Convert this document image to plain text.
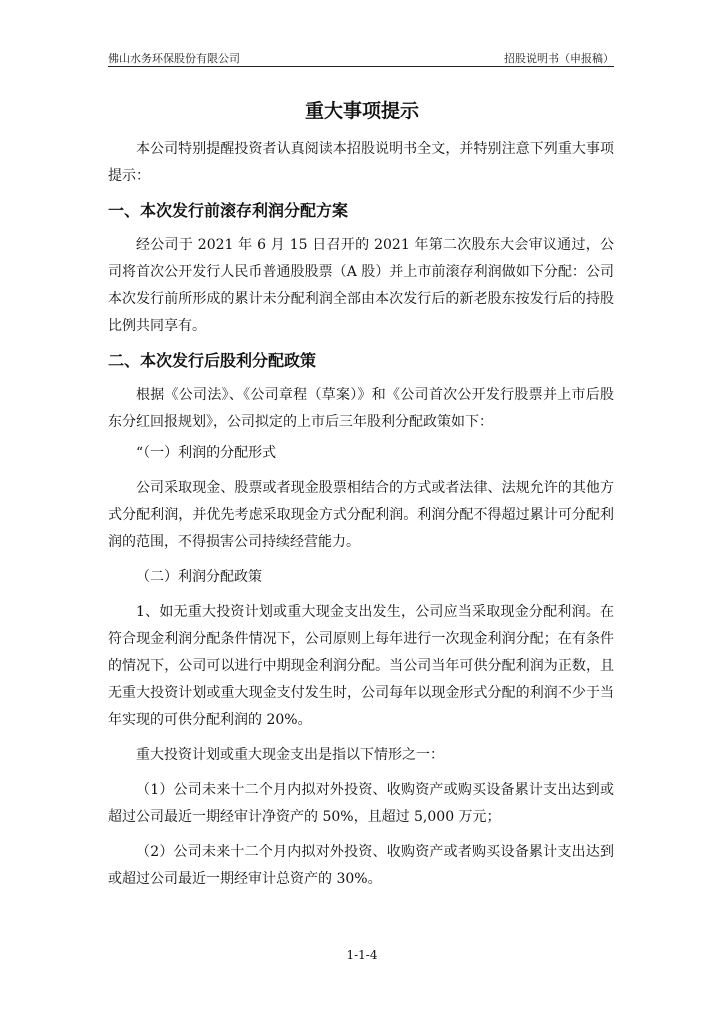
佛山水务环保股份有限公司	招股说明书（申报稿）
重大事项提示

本公司特别提醒投资者认真阅读本招股说明书全文，并特别注意下列重大事项提示：

一、本次发行前滚存利润分配方案

经公司于 2021 年 6 月 15 日召开的 2021 年第二次股东大会审议通过，公司将首次公开发行人民币普通股股票（A 股）并上市前滚存利润做如下分配：公司本次发行前所形成的累计未分配利润全部由本次发行后的新老股东按发行后的持股比例共同享有。

二、本次发行后股利分配政策

根据《公司法》、《公司章程（草案）》和《公司首次公开发行股票并上市后股东分红回报规划》，公司拟定的上市后三年股利分配政策如下：

“（一）利润的分配形式

公司采取现金、股票或者现金股票相结合的方式或者法律、法规允许的其他方式分配利润，并优先考虑采取现金方式分配利润。利润分配不得超过累计可分配利润的范围，不得损害公司持续经营能力。

（二）利润分配政策

1、如无重大投资计划或重大现金支出发生，公司应当采取现金分配利润。在符合现金利润分配条件情况下，公司原则上每年进行一次现金利润分配；在有条件的情况下，公司可以进行中期现金利润分配。当公司当年可供分配利润为正数，且无重大投资计划或重大现金支付发生时，公司每年以现金形式分配的利润不少于当年实现的可供分配利润的 20%。

重大投资计划或重大现金支出是指以下情形之一：

（1）公司未来十二个月内拟对外投资、收购资产或购买设备累计支出达到或超过公司最近一期经审计净资产的 50%，且超过 5,000 万元；

（2）公司未来十二个月内拟对外投资、收购资产或者购买设备累计支出达到或超过公司最近一期经审计总资产的 30%。

1-1-4
